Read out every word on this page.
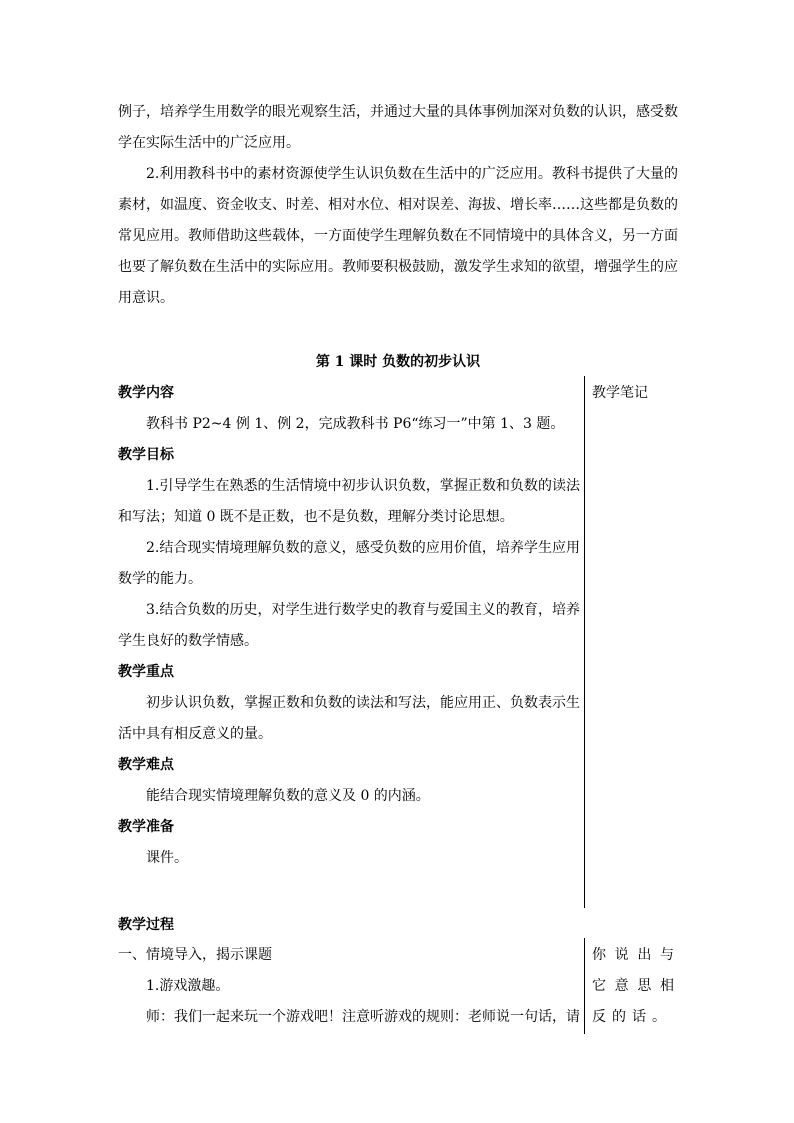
例子，培养学生用数学的眼光观察生活，并通过大量的具体事例加深对负数的认识，感受数

学在实际生活中的广泛应用。

2.利用教科书中的素材资源使学生认识负数在生活中的广泛应用。教科书提供了大量的素材，如温度、资金收支、时差、相对水位、相对误差、海拔、增长率……这些都是负数的常见应用。教师借助这些载体，一方面使学生理解负数在不同情境中的具体含义，另一方面也要了解负数在生活中的实际应用。教师要积极鼓励，激发学生求知的欲望，增强学生的应用意识。

第 1 课时 负数的初步认识
教学内容

教科书 P2~4 例 1、例 2，完成教科书 P6“练习一”中第 1、3 题。

教学目标

1.引导学生在熟悉的生活情境中初步认识负数，掌握正数和负数的读法和写法；知道 0 既不是正数，也不是负数，理解分类讨论思想。

2.结合现实情境理解负数的意义，感受负数的应用价值，培养学生应用数学的能力。

3.结合负数的历史，对学生进行数学史的教育与爱国主义的教育，培养学生良好的数学情感。

教学重点

初步认识负数，掌握正数和负数的读法和写法，能应用正、负数表示生活中具有相反意义的量。

教学难点

能结合现实情境理解负数的意义及 0 的内涵。

教学准备

课件。

教学笔记
教学过程

一、情境导入，揭示课题

1.游戏激趣。

师：我们一起来玩一个游戏吧！注意听游戏的规则：老师说一句话，请

你说出与它意思相反的话。
